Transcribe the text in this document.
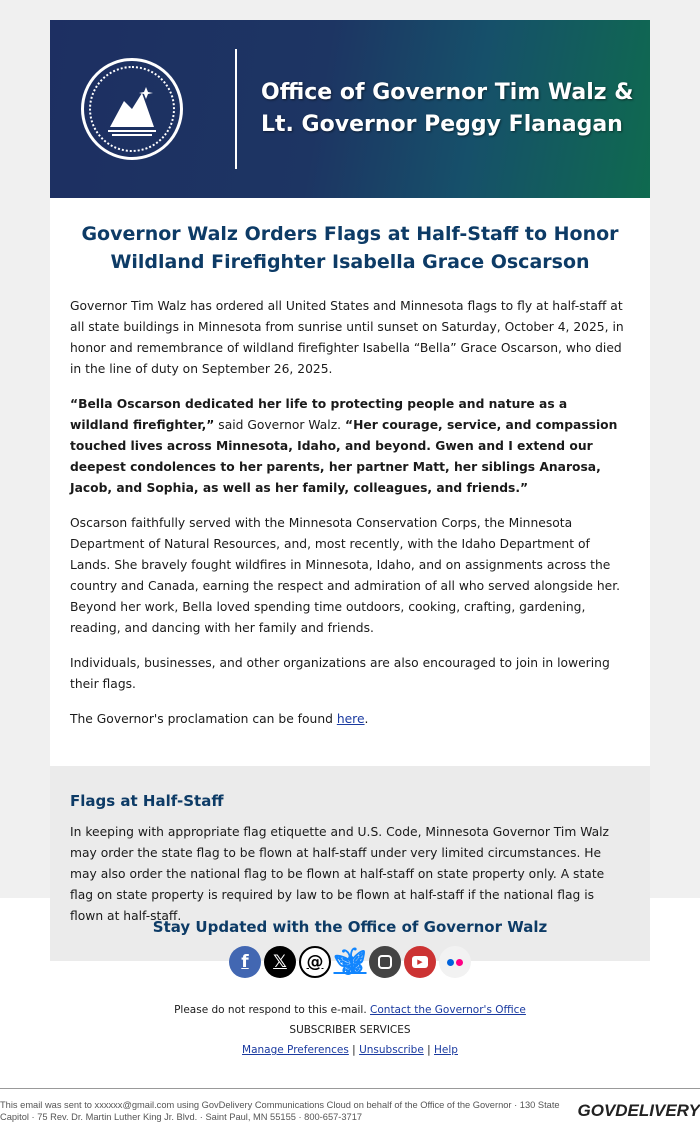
Office of Governor Tim Walz &
Lt. Governor Peggy Flanagan
Governor Walz Orders Flags at Half-Staff to Honor Wildland Firefighter Isabella Grace Oscarson

Governor Tim Walz has ordered all United States and Minnesota flags to fly at half-staff at all state buildings in Minnesota from sunrise until sunset on Saturday, October 4, 2025, in honor and remembrance of wildland firefighter Isabella “Bella” Grace Oscarson, who died in the line of duty on September 26, 2025.

“Bella Oscarson dedicated her life to protecting people and nature as a wildland firefighter,” said Governor Walz. “Her courage, service, and compassion touched lives across Minnesota, Idaho, and beyond. Gwen and I extend our deepest condolences to her parents, her partner Matt, her siblings Anarosa, Jacob, and Sophia, as well as her family, colleagues, and friends.”

Oscarson faithfully served with the Minnesota Conservation Corps, the Minnesota Department of Natural Resources, and, most recently, with the Idaho Department of Lands. She bravely fought wildfires in Minnesota, Idaho, and on assignments across the country and Canada, earning the respect and admiration of all who served alongside her. Beyond her work, Bella loved spending time outdoors, cooking, crafting, gardening, reading, and dancing with her family and friends.

Individuals, businesses, and other organizations are also encouraged to join in lowering their flags.

The Governor's proclamation can be found here.

Flags at Half-Staff

In keeping with appropriate flag etiquette and U.S. Code, Minnesota Governor Tim Walz may order the state flag to be flown at half-staff under very limited circumstances. He may also order the national flag to be flown at half-staff on state property only. A state flag on state property is required by law to be flown at half-staff if the national flag is flown at half-staff.

Stay Updated with the Office of Governor Walz
f	𝕏	@ 🦋︎	▶
Please do not respond to this e-mail. Contact the Governor's Office
SUBSCRIBER SERVICES
Manage Preferences | Unsubscribe | Help
This email was sent to xxxxxx@gmail.com using GovDelivery Communications Cloud on behalf of the Office of the Governor · 130 State Capitol · 75 Rev. Dr. Martin Luther King Jr. Blvd. · Saint Paul, MN 55155 · 800-657-3717	GOVDELIVERY
